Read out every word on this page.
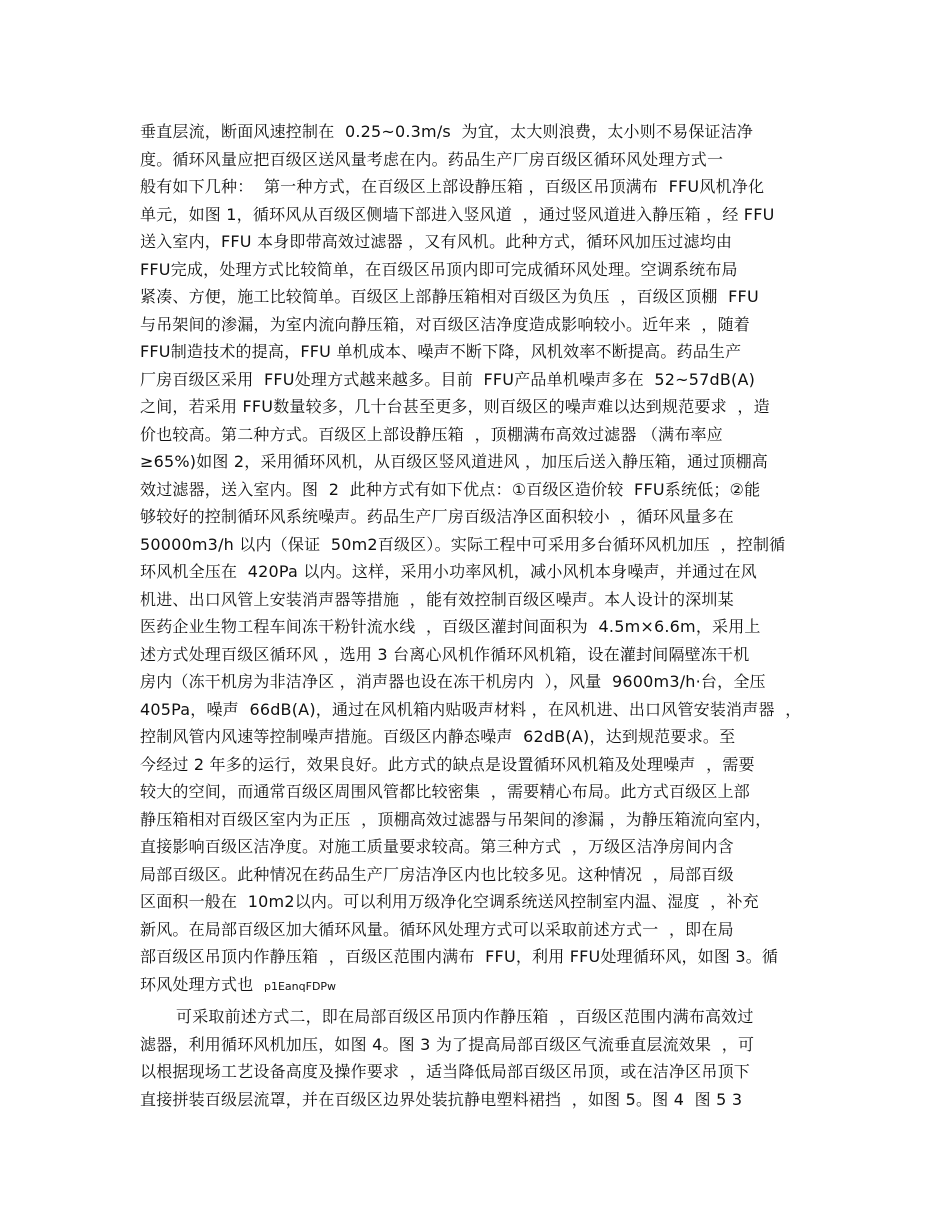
垂直层流，断面风速控制在  0.25~0.3m/s  为宜，太大则浪费，太小则不易保证洁净
度。循环风量应把百级区送风量考虑在内。药品生产厂房百级区循环风处理方式一
般有如下几种：  第一种方式，在百级区上部设静压箱 ，百级区吊顶满布  FFU风机净化
单元，如图 1，循环风从百级区侧墙下部进入竖风道  ，通过竖风道进入静压箱 ，经 FFU
送入室内，FFU 本身即带高效过滤器 ，又有风机。此种方式，循环风加压过滤均由
FFU完成，处理方式比较简单，在百级区吊顶内即可完成循环风处理。空调系统布局
紧凑、方便，施工比较简单。百级区上部静压箱相对百级区为负压  ，百级区顶棚  FFU
与吊架间的渗漏，为室内流向静压箱，对百级区洁净度造成影响较小。近年来  ，随着
FFU制造技术的提高，FFU 单机成本、噪声不断下降，风机效率不断提高。药品生产
厂房百级区采用  FFU处理方式越来越多。目前  FFU产品单机噪声多在  52~57dB(A)
之间，若采用 FFU数量较多，几十台甚至更多，则百级区的噪声难以达到规范要求  ，造
价也较高。第二种方式。百级区上部设静压箱  ，顶棚满布高效过滤器 （满布率应
≥65%)如图 2，采用循环风机，从百级区竖风道进风 ，加压后送入静压箱，通过顶棚高
效过滤器，送入室内。图  2  此种方式有如下优点：①百级区造价较  FFU系统低；②能
够较好的控制循环风系统噪声。药品生产厂房百级洁净区面积较小  ，循环风量多在
50000m3/h 以内（保证  50m2百级区）。实际工程中可采用多台循环风机加压  ，控制循
环风机全压在  420Pa 以内。这样，采用小功率风机，减小风机本身噪声，并通过在风
机进、出口风管上安装消声器等措施  ，能有效控制百级区噪声。本人设计的深圳某
医药企业生物工程车间冻干粉针流水线  ，百级区灌封间面积为  4.5m×6.6m，采用上
述方式处理百级区循环风 ，选用 3 台离心风机作循环风机箱，设在灌封间隔壁冻干机
房内（冻干机房为非洁净区 ，消声器也设在冻干机房内  ），风量  9600m3/h·台，全压
405Pa，噪声  66dB(A)，通过在风机箱内贴吸声材料 ，在风机进、出口风管安装消声器  ，
控制风管内风速等控制噪声措施。百级区内静态噪声  62dB(A)，达到规范要求。至
今经过 2 年多的运行，效果良好。此方式的缺点是设置循环风机箱及处理噪声  ，需要
较大的空间，而通常百级区周围风管都比较密集  ，需要精心布局。此方式百级区上部
静压箱相对百级区室内为正压  ，顶棚高效过滤器与吊架间的渗漏 ，为静压箱流向室内，
直接影响百级区洁净度。对施工质量要求较高。第三种方式  ，万级区洁净房间内含
局部百级区。此种情况在药品生产厂房洁净区内也比较多见。这种情况  ，局部百级
区面积一般在  10m2以内。可以利用万级净化空调系统送风控制室内温、湿度  ，补充
新风。在局部百级区加大循环风量。循环风处理方式可以采取前述方式一  ，即在局
部百级区吊顶内作静压箱  ，百级区范围内满布  FFU，利用 FFU处理循环风，如图 3。循
环风处理方式也 p1EanqFDPw
可采取前述方式二，即在局部百级区吊顶内作静压箱  ，百级区范围内满布高效过
滤器，利用循环风机加压，如图 4。图 3 为了提高局部百级区气流垂直层流效果  ，可
以根据现场工艺设备高度及操作要求  ，适当降低局部百级区吊顶，或在洁净区吊顶下
直接拼装百级层流罩，并在百级区边界处装抗静电塑料裙挡  ，如图 5。图 4  图 5 3
